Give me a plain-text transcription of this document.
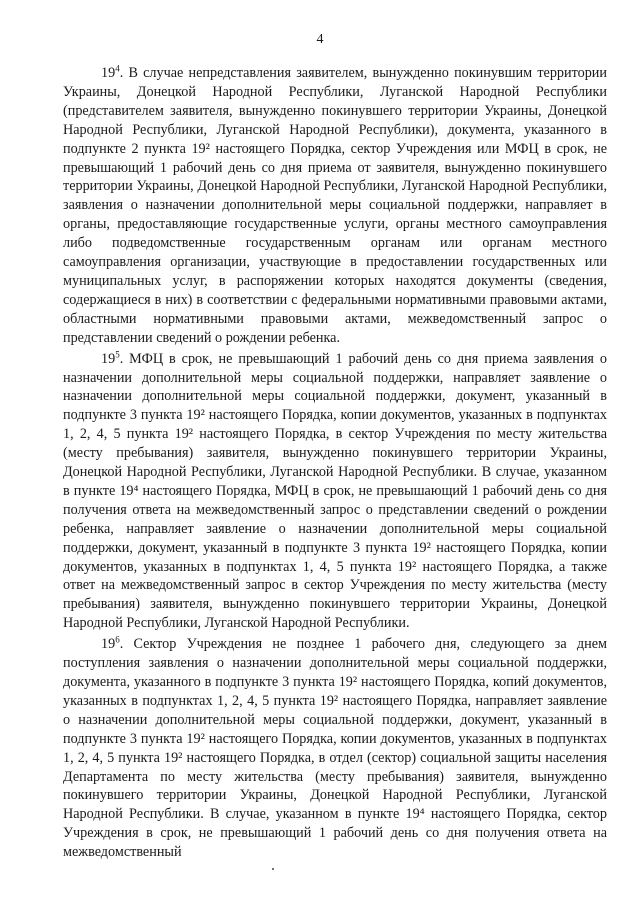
4

$19^4$. В случае непредставления заявителем, вынужденно покинувшим территории Украины, Донецкой Народной Республики, Луганской Народной Республики (представителем заявителя, вынужденно покинувшего территории Украины, Донецкой Народной Республики, Луганской Народной Республики), документа, указанного в подпункте 2 пункта 19² настоящего Порядка, сектор Учреждения или МФЦ в срок, не превышающий 1 рабочий день со дня приема от заявителя, вынужденно покинувшего территории Украины, Донецкой Народной Республики, Луганской Народной Республики, заявления о назначении дополнительной меры социальной поддержки, направляет в органы, предоставляющие государственные услуги, органы местного самоуправления либо подведомственные государственным органам или органам местного самоуправления организации, участвующие в предоставлении государственных или муниципальных услуг, в распоряжении которых находятся документы (сведения, содержащиеся в них) в соответствии с федеральными нормативными правовыми актами, областными нормативными правовыми актами, межведомственный запрос о представлении сведений о рождении ребенка.

$19^5$. МФЦ в срок, не превышающий 1 рабочий день со дня приема заявления о назначении дополнительной меры социальной поддержки, направляет заявление о назначении дополнительной меры социальной поддержки, документ, указанный в подпункте 3 пункта 19² настоящего Порядка, копии документов, указанных в подпунктах 1, 2, 4, 5 пункта 19² настоящего Порядка, в сектор Учреждения по месту жительства (месту пребывания) заявителя, вынужденно покинувшего территории Украины, Донецкой Народной Республики, Луганской Народной Республики. В случае, указанном в пункте 19⁴ настоящего Порядка, МФЦ в срок, не превышающий 1 рабочий день со дня получения ответа на межведомственный запрос о представлении сведений о рождении ребенка, направляет заявление о назначении дополнительной меры социальной поддержки, документ, указанный в подпункте 3 пункта 19² настоящего Порядка, копии документов, указанных в подпунктах 1, 4, 5 пункта 19² настоящего Порядка, а также ответ на межведомственный запрос в сектор Учреждения по месту жительства (месту пребывания) заявителя, вынужденно покинувшего территории Украины, Донецкой Народной Республики, Луганской Народной Республики.

$19^6$. Сектор Учреждения не позднее 1 рабочего дня, следующего за днем поступления заявления о назначении дополнительной меры социальной поддержки, документа, указанного в подпункте 3 пункта 19² настоящего Порядка, копий документов, указанных в подпунктах 1, 2, 4, 5 пункта 19² настоящего Порядка, направляет заявление о назначении дополнительной меры социальной поддержки, документ, указанный в подпункте 3 пункта 19² настоящего Порядка, копии документов, указанных в подпунктах 1, 2, 4, 5 пункта 19² настоящего Порядка, в отдел (сектор) социальной защиты населения Департамента по месту жительства (месту пребывания) заявителя, вынужденно покинувшего территории Украины, Донецкой Народной Республики, Луганской Народной Республики. В случае, указанном в пункте 19⁴ настоящего Порядка, сектор Учреждения в срок, не превышающий 1 рабочий день со дня получения ответа на межведомственный
